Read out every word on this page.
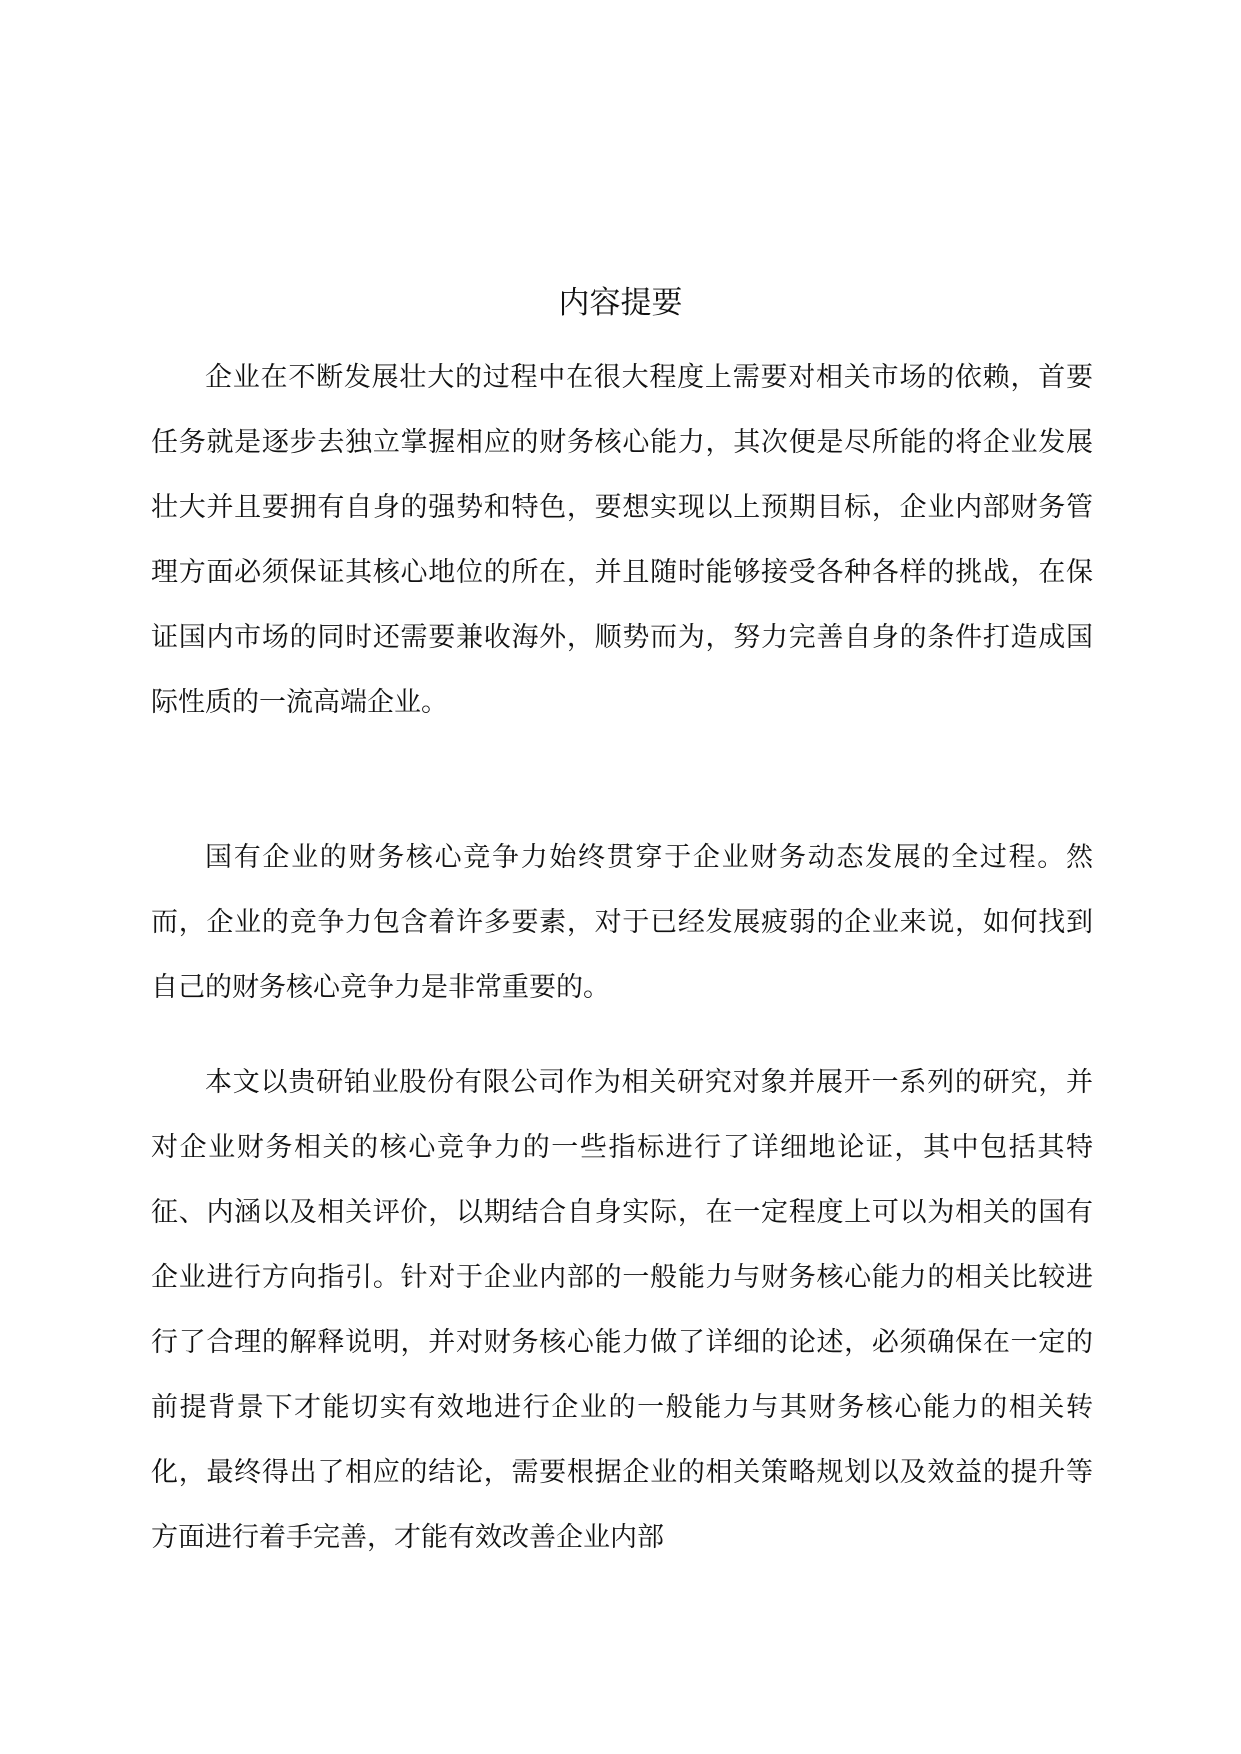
内容提要

企业在不断发展壮大的过程中在很大程度上需要对相关市场的依赖，首要任务就是逐步去独立掌握相应的财务核心能力，其次便是尽所能的将企业发展壮大并且要拥有自身的强势和特色，要想实现以上预期目标，企业内部财务管理方面必须保证其核心地位的所在，并且随时能够接受各种各样的挑战，在保证国内市场的同时还需要兼收海外，顺势而为，努力完善自身的条件打造成国际性质的一流高端企业。

国有企业的财务核心竞争力始终贯穿于企业财务动态发展的全过程。然而，企业的竞争力包含着许多要素，对于已经发展疲弱的企业来说，如何找到自己的财务核心竞争力是非常重要的。

本文以贵研铂业股份有限公司作为相关研究对象并展开一系列的研究，并对企业财务相关的核心竞争力的一些指标进行了详细地论证，其中包括其特征、内涵以及相关评价，以期结合自身实际，在一定程度上可以为相关的国有企业进行方向指引。针对于企业内部的一般能力与财务核心能力的相关比较进行了合理的解释说明，并对财务核心能力做了详细的论述，必须确保在一定的前提背景下才能切实有效地进行企业的一般能力与其财务核心能力的相关转化，最终得出了相应的结论，需要根据企业的相关策略规划以及效益的提升等方面进行着手完善，才能有效改善企业内部
